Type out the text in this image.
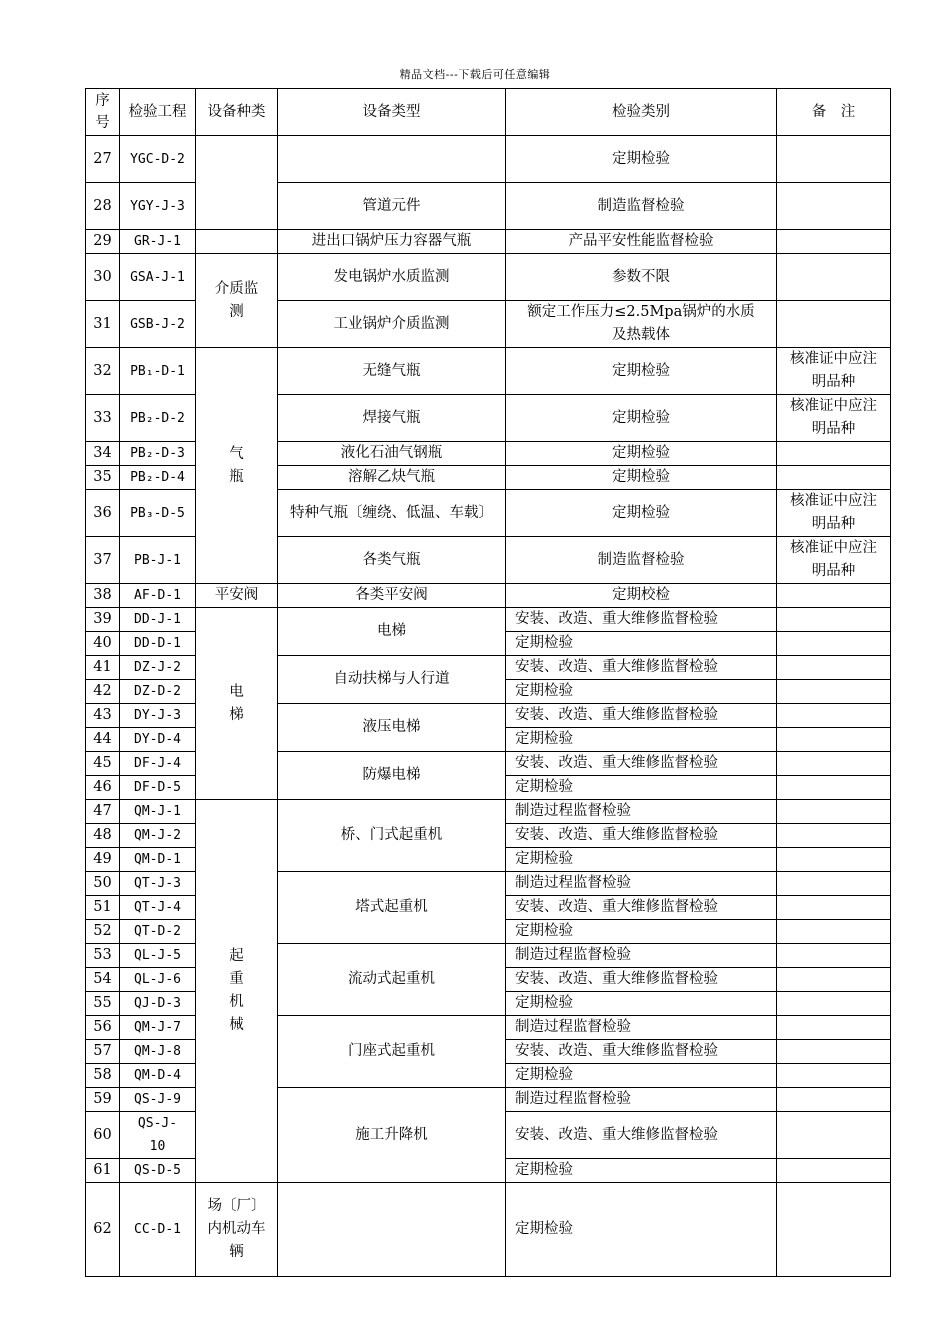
精品文档---下载后可任意编辑
序号	检验工程	设备种类	设备类型	检验类别	备　注
27	YGC-D-2			定期检验	
28	YGY-J-3		管道元件	制造监督检验	
29	GR-J-1		进出口锅炉压力容器气瓶	产品平安性能监督检验	
30	GSA-J-1	介质监测	发电锅炉水质监测	参数不限	
31	GSB-J-2		工业锅炉介质监测	额定工作压力≤2.5Mpa锅炉的水质及热载体	
32	PB₁-D-1	气瓶	无缝气瓶	定期检验	核准证中应注明品种
33	PB₂-D-2		焊接气瓶	定期检验	核准证中应注明品种
34	PB₂-D-3		液化石油气钢瓶	定期检验	
35	PB₂-D-4		溶解乙炔气瓶	定期检验	
36	PB₃-D-5		特种气瓶〔缠绕、低温、车载〕	定期检验	核准证中应注明品种
37	PB-J-1		各类气瓶	制造监督检验	核准证中应注明品种
38	AF-D-1	平安阀	各类平安阀	定期校检	
39	DD-J-1	电梯	电梯	安装、改造、重大维修监督检验	
40	DD-D-1			定期检验	
41	DZ-J-2		自动扶梯与人行道	安装、改造、重大维修监督检验	
42	DZ-D-2			定期检验	
43	DY-J-3		液压电梯	安装、改造、重大维修监督检验	
44	DY-D-4			定期检验	
45	DF-J-4		防爆电梯	安装、改造、重大维修监督检验	
46	DF-D-5			定期检验	
47	QM-J-1	起重机械	桥、门式起重机	制造过程监督检验	
48	QM-J-2			安装、改造、重大维修监督检验	
49	QM-D-1			定期检验	
50	QT-J-3		塔式起重机	制造过程监督检验	
51	QT-J-4			安装、改造、重大维修监督检验	
52	QT-D-2			定期检验	
53	QL-J-5		流动式起重机	制造过程监督检验	
54	QL-J-6			安装、改造、重大维修监督检验	
55	QJ-D-3			定期检验	
56	QM-J-7		门座式起重机	制造过程监督检验	
57	QM-J-8			安装、改造、重大维修监督检验	
58	QM-D-4			定期检验	
59	QS-J-9		施工升降机	制造过程监督检验	
60	QS-J-10			安装、改造、重大维修监督检验	
61	QS-D-5			定期检验	
62	CC-D-1	场〔厂〕内机动车辆		定期检验	
